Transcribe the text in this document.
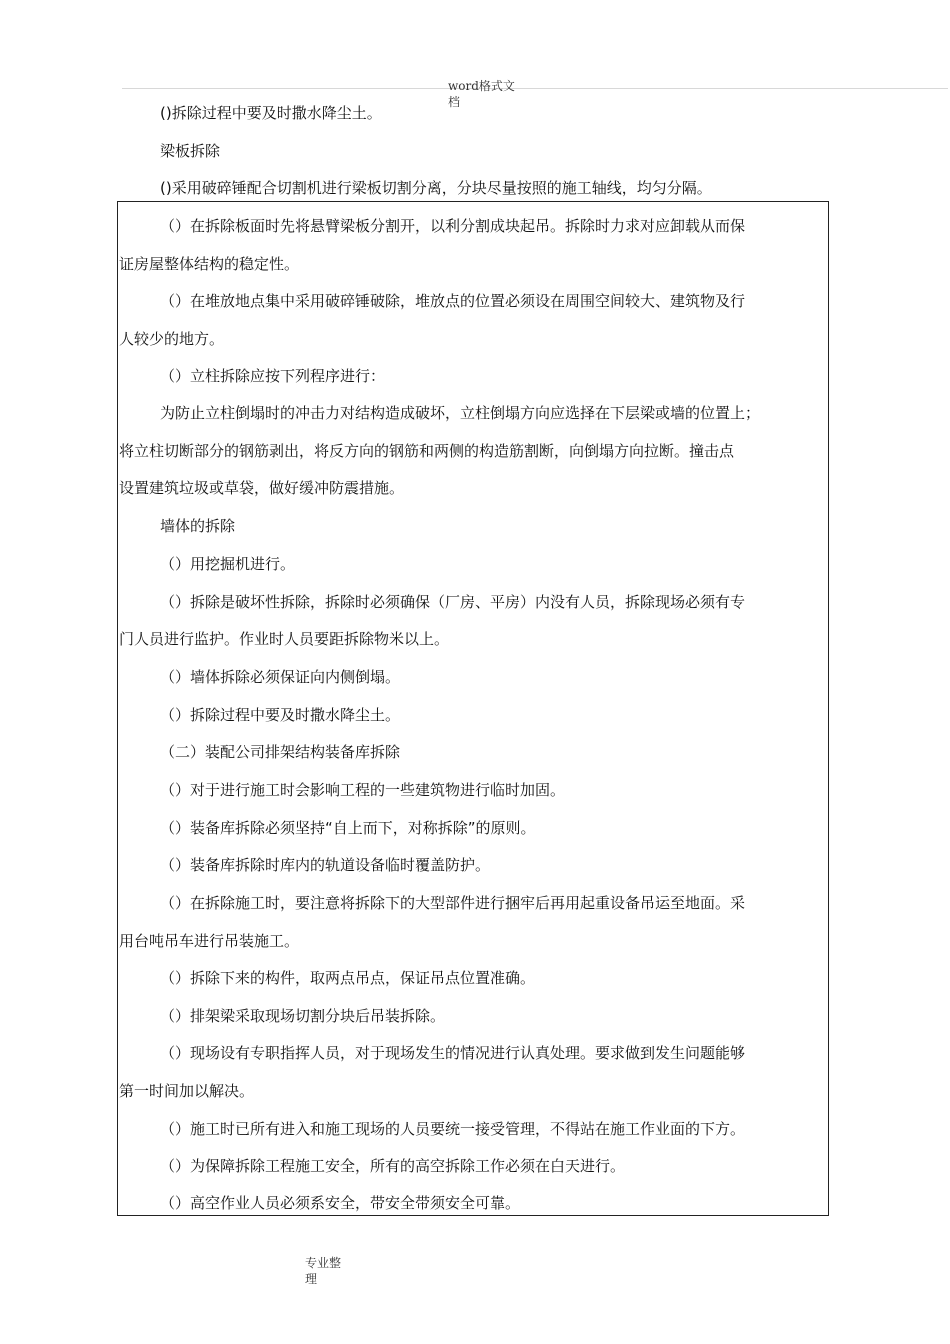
word格式文
档
()拆除过程中要及时撒水降尘土。
梁板拆除
()采用破碎锤配合切割机进行梁板切割分离，分块尽量按照的施工轴线，均匀分隔。
（）在拆除板面时先将悬臂梁板分割开，以利分割成块起吊。拆除时力求对应卸载从而保
证房屋整体结构的稳定性。
（）在堆放地点集中采用破碎锤破除，堆放点的位置必须设在周围空间较大、建筑物及行
人较少的地方。
（）立柱拆除应按下列程序进行：
为防止立柱倒塌时的冲击力对结构造成破坏，立柱倒塌方向应选择在下层梁或墙的位置上；
将立柱切断部分的钢筋剥出，将反方向的钢筋和两侧的构造筋割断，向倒塌方向拉断。撞击点
设置建筑垃圾或草袋，做好缓冲防震措施。
墙体的拆除
（）用挖掘机进行。
（）拆除是破坏性拆除，拆除时必须确保（厂房、平房）内没有人员，拆除现场必须有专
门人员进行监护。作业时人员要距拆除物米以上。
（）墙体拆除必须保证向内侧倒塌。
（）拆除过程中要及时撒水降尘土。
（二）装配公司排架结构装备库拆除
（）对于进行施工时会影响工程的一些建筑物进行临时加固。
（）装备库拆除必须坚持“自上而下，对称拆除”的原则。
（）装备库拆除时库内的轨道设备临时覆盖防护。
（）在拆除施工时，要注意将拆除下的大型部件进行捆牢后再用起重设备吊运至地面。采
用台吨吊车进行吊装施工。
（）拆除下来的构件，取两点吊点，保证吊点位置准确。
（）排架梁采取现场切割分块后吊装拆除。
（）现场设有专职指挥人员，对于现场发生的情况进行认真处理。要求做到发生问题能够
第一时间加以解决。
（）施工时已所有进入和施工现场的人员要统一接受管理，不得站在施工作业面的下方。
（）为保障拆除工程施工安全，所有的高空拆除工作必须在白天进行。
（）高空作业人员必须系安全，带安全带须安全可靠。
专业整
理
